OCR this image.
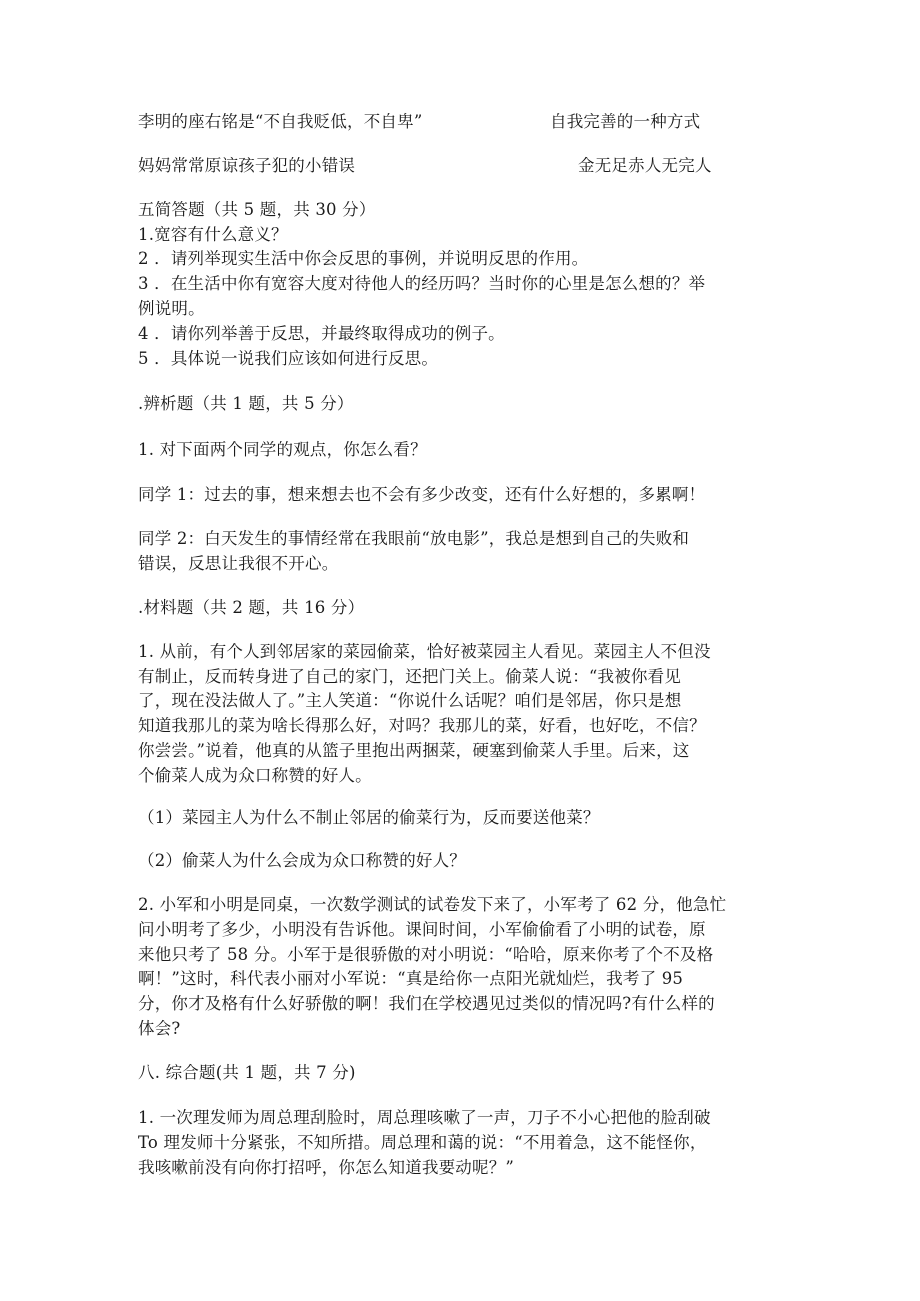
李明的座右铭是“不自我贬低，不自卑”	自我完善的一种方式
妈妈常常原谅孩子犯的小错误	金无足赤人无完人
五简答题（共 5 题，共 30 分）
1.宽容有什么意义？
2 ．请列举现实生活中你会反思的事例，并说明反思的作用。
3 ．在生活中你有宽容大度对待他人的经历吗？当时你的心里是怎么想的？举
例说明。
4 ．请你列举善于反思，并最终取得成功的例子。
5 ．具体说一说我们应该如何进行反思。
.辨析题（共 1 题，共 5 分）
1. 对下面两个同学的观点，你怎么看？
同学 1：过去的事，想来想去也不会有多少改变，还有什么好想的，多累啊！
同学 2：白天发生的事情经常在我眼前“放电影”，我总是想到自己的失败和
错误，反思让我很不开心。
.材料题（共 2 题，共 16 分）
1. 从前，有个人到邻居家的菜园偷菜，恰好被菜园主人看见。菜园主人不但没
有制止，反而转身进了自己的家门，还把门关上。偷菜人说：“我被你看见
了，现在没法做人了。”主人笑道：“你说什么话呢？咱们是邻居，你只是想
知道我那儿的菜为啥长得那么好，对吗？我那儿的菜，好看，也好吃，不信？
你尝尝。”说着，他真的从篮子里抱出两捆菜，硬塞到偷菜人手里。后来，这
个偷菜人成为众口称赞的好人。
（1）菜园主人为什么不制止邻居的偷菜行为，反而要送他菜？
（2）偷菜人为什么会成为众口称赞的好人？
2. 小军和小明是同桌，一次数学测试的试卷发下来了，小军考了 62 分，他急忙
问小明考了多少，小明没有告诉他。课间时间，小军偷偷看了小明的试卷，原
来他只考了 58 分。小军于是很骄傲的对小明说：“哈哈，原来你考了个不及格
啊！”这时，科代表小丽对小军说：“真是给你一点阳光就灿烂，我考了 95
分，你才及格有什么好骄傲的啊！我们在学校遇见过类似的情况吗?有什么样的
体会?
八. 综合题(共 1 题，共 7 分)
1. 一次理发师为周总理刮脸时，周总理咳嗽了一声，刀子不小心把他的脸刮破
To 理发师十分紧张，不知所措。周总理和蔼的说：“不用着急，这不能怪你，
我咳嗽前没有向你打招呼，你怎么知道我要动呢？”
